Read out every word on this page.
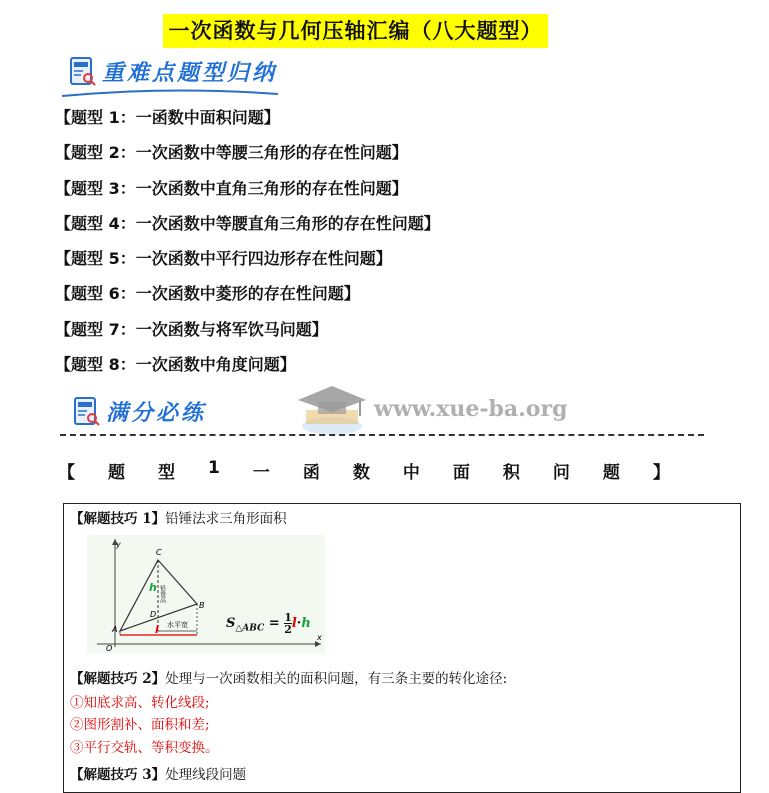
一次函数与几何压轴汇编（八大题型）
重难点题型归纳
【题型 1：一函数中面积问题】
【题型 2：一次函数中等腰三角形的存在性问题】
【题型 3：一次函数中直角三角形的存在性问题】
【题型 4：一次函数中等腰直角三角形的存在性问题】
【题型 5：一次函数中平行四边形存在性问题】
【题型 6：一次函数中菱形的存在性问题】
【题型 7：一次函数与将军饮马问题】
【题型 8：一次函数中角度问题】
满分必练	www.xue-ba.org
【 题 型 1 一 函 数 中 面 积 问 题 】
【解题技巧 1】铅锤法求三角形面积
y
x
O
A
B
C
D
h
l
铅垂高
水平宽	$S_{\triangle ABC} = \frac{1}{2} l\cdot h$
【解题技巧 2】处理与一次函数相关的面积问题，有三条主要的转化途径:
①知底求高、转化线段;
②图形割补、面积和差;
③平行交轨、等积变换。
【解题技巧 3】处理线段问题
